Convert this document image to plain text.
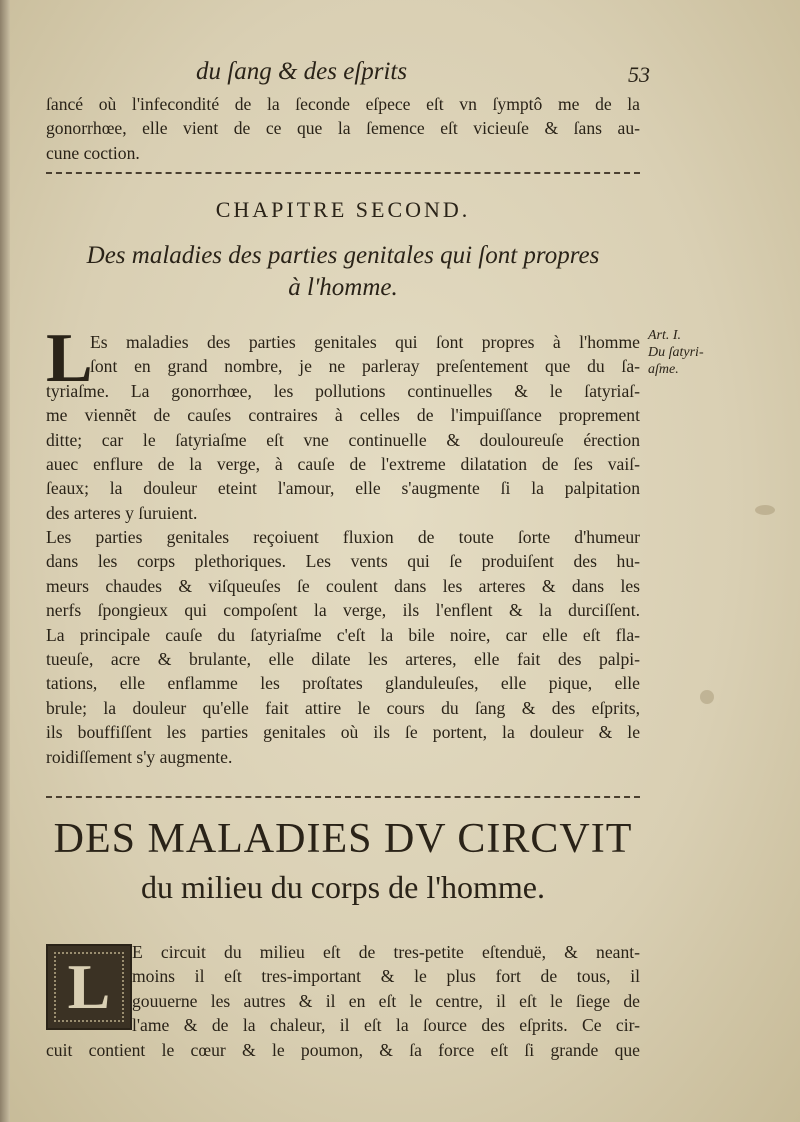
du ſang & des eſprits	53
ſancé où l'infecondité de la ſeconde eſpece eſt vn ſymptô me de la
gonorrhœe, elle vient de ce que la ſemence eſt vicieuſe & ſans au-
cune coction.
CHAPITRE SECOND.
Des maladies des parties genitales qui ſont propres
à l'homme.
Art. I.
Du ſatyri-
aſme.
L
Es maladies des parties genitales qui ſont propres à l'homme
ſont en grand nombre, je ne parleray preſentement que du ſa-
tyriaſme. La gonorrhœe, les pollutions continuelles & le ſatyriaſ-
me viennẽt de cauſes contraires à celles de l'impuiſſance proprement
ditte; car le ſatyriaſme eſt vne continuelle & douloureuſe érection
auec enflure de la verge, à cauſe de l'extreme dilatation de ſes vaiſ-
ſeaux; la douleur eteint l'amour, elle s'augmente ſi la palpitation
des arteres y ſuruient.
Les parties genitales reçoiuent fluxion de toute ſorte d'humeur
dans les corps plethoriques. Les vents qui ſe produiſent des hu-
meurs chaudes & viſqueuſes ſe coulent dans les arteres & dans les
nerfs ſpongieux qui compoſent la verge, ils l'enflent & la durciſſent.
La principale cauſe du ſatyriaſme c'eſt la bile noire, car elle eſt fla-
tueuſe, acre & brulante, elle dilate les arteres, elle fait des palpi-
tations, elle enflamme les proſtates glanduleuſes, elle pique, elle
brule; la douleur qu'elle fait attire le cours du ſang & des eſprits,
ils bouffiſſent les parties genitales où ils ſe portent, la douleur & le
roidiſſement s'y augmente.
DES MALADIES DV CIRCVIT
du milieu du corps de l'homme.
L	E circuit du milieu eſt de tres-petite eſtenduë, & neant-
moins il eſt tres-important & le plus fort de tous, il
gouuerne les autres & il en eſt le centre, il eſt le ſiege de
l'ame & de la chaleur, il eſt la ſource des eſprits. Ce cir-
cuit contient le cœur & le poumon, & ſa force eſt ſi grande que
